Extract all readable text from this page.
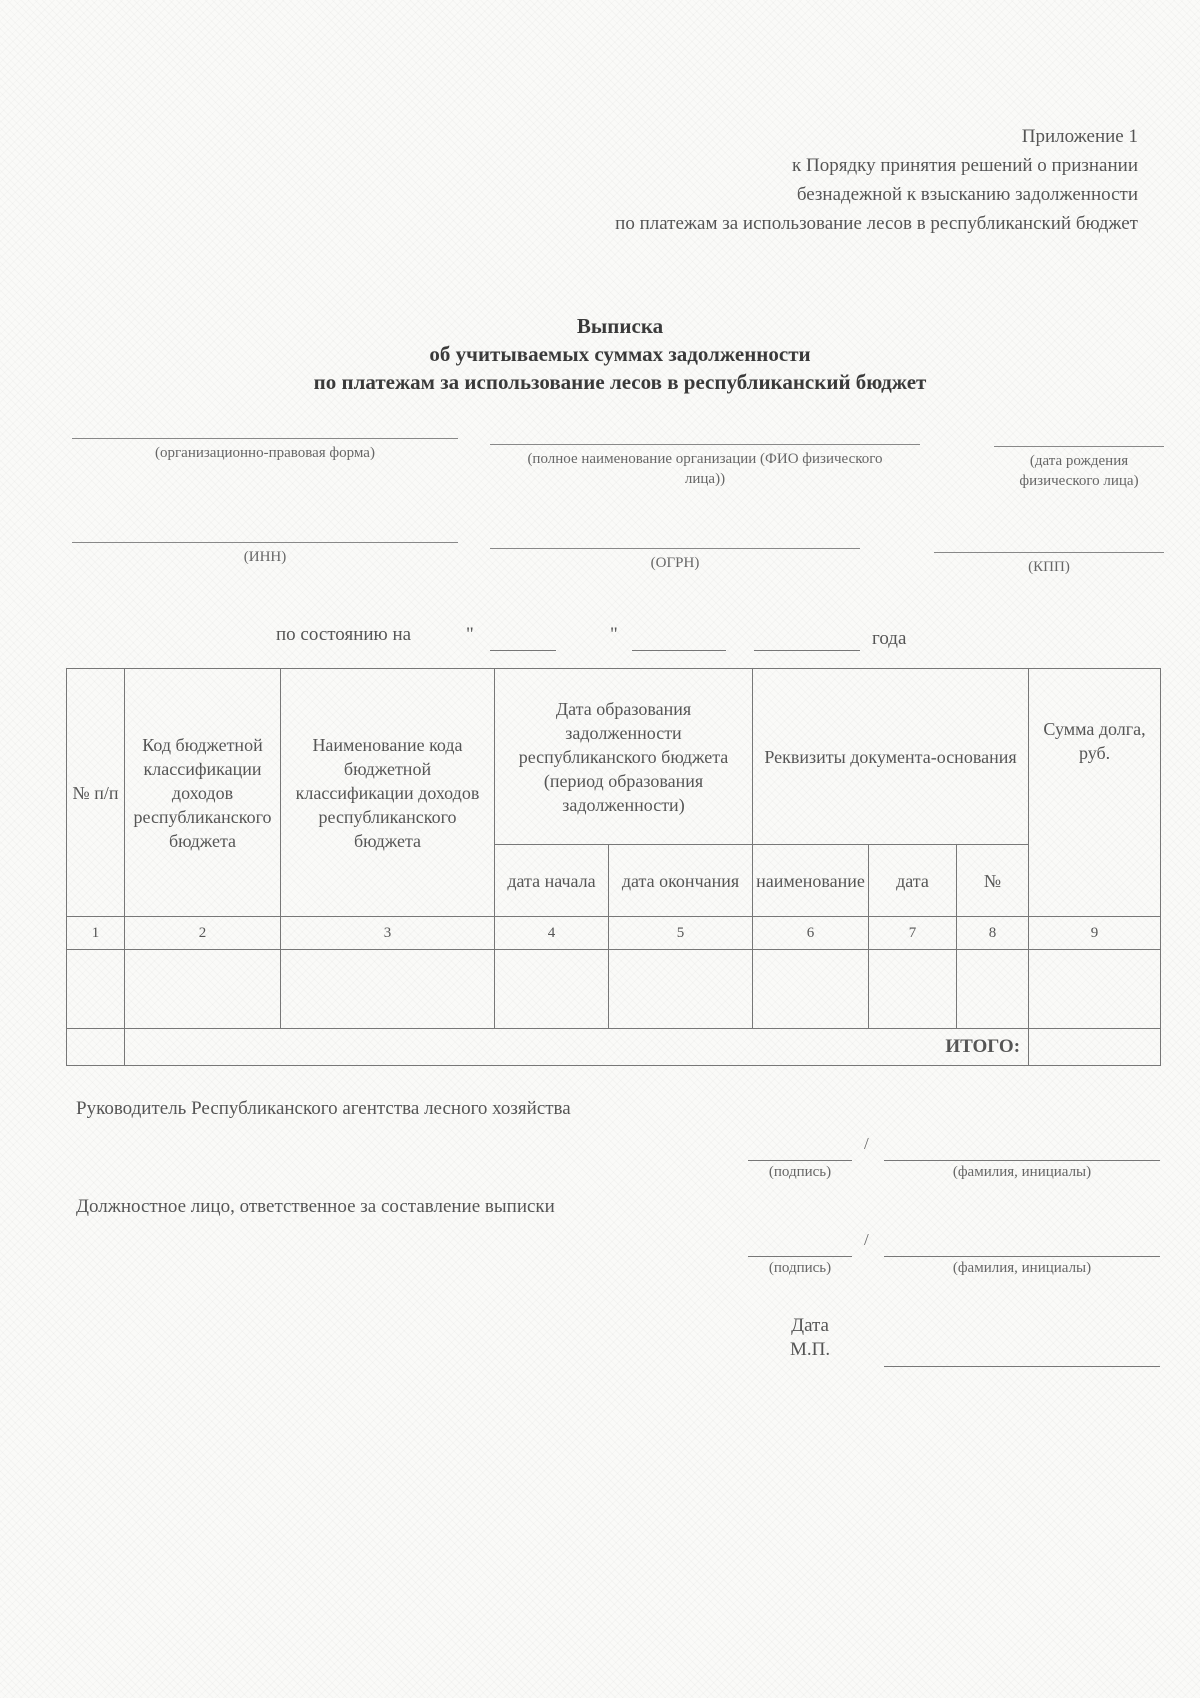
Приложение 1
к Порядку принятия решений о признании
безнадежной к взысканию задолженности
по платежам за использование лесов в республиканский бюджет
Выписка
об учитываемых суммах задолженности
по платежам за использование лесов в республиканский бюджет
(организационно-правовая форма)	(полное наименование организации (ФИО физического лица))
(дата рождения физического лица)
(ИНН)	(ОГРН)	(КПП)
по состоянию на	"	"	года
№ п/п	Код бюджетной классификации доходов республиканского бюджета	Наименование кода бюджетной классификации доходов республиканского бюджета	Дата образования задолженности республиканского бюджета (период образования задолженности)		Реквизиты документа-основания			Сумма долга, руб.
			дата начала	дата окончания	наименование	дата	№	
1	2	3	4	5	6	7	8	9

	ИТОГО:							
Руководитель Республиканского агентства лесного хозяйства
/
(подпись)	(фамилия, инициалы)
Должностное лицо, ответственное за составление выписки
/
(подпись)	(фамилия, инициалы)
Дата
М.П.
